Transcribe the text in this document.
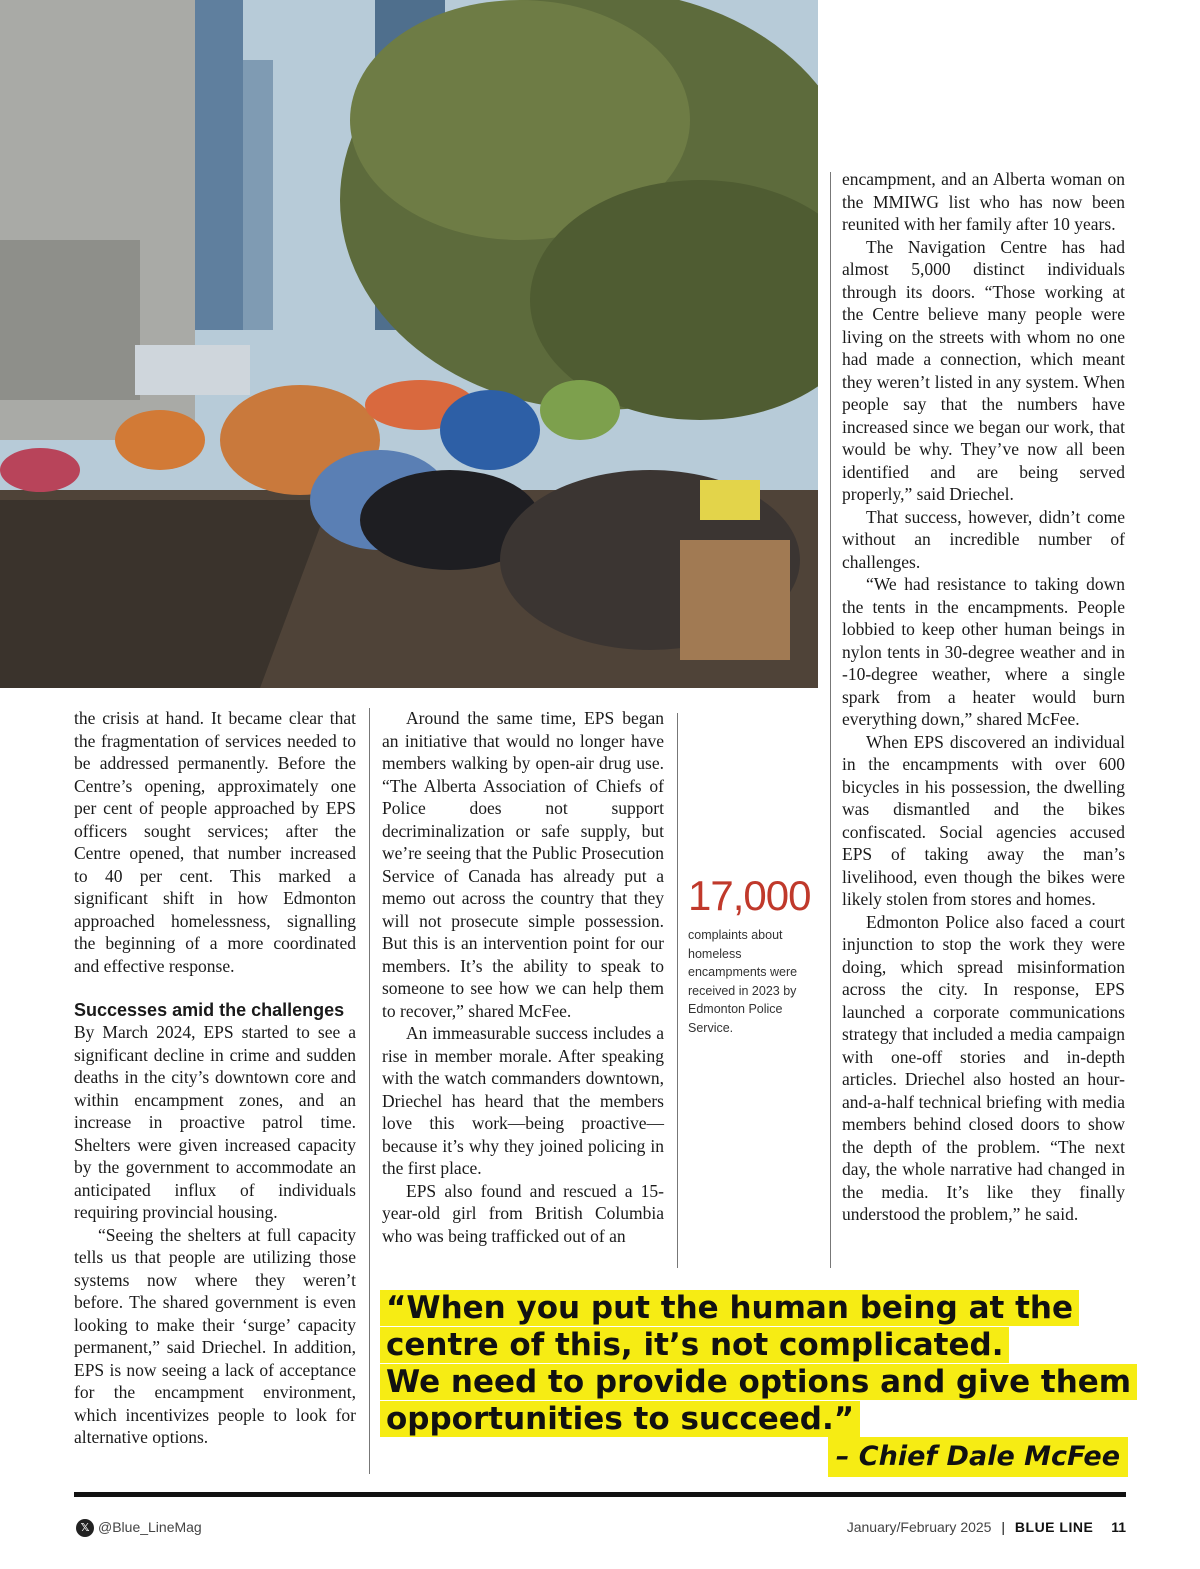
the crisis at hand. It became clear that the fragmentation of services needed to be addressed permanently. Before the Centre’s opening, approximately one per cent of people approached by EPS officers sought services; after the Centre opened, that number increased to 40 per cent. This marked a significant shift in how Edmonton approached homelessness, signalling the beginning of a more coordinated and effective response.

Successes amid the challenges

By March 2024, EPS started to see a significant decline in crime and sudden deaths in the city’s downtown core and within encampment zones, and an increase in proactive patrol time. Shelters were given increased capacity by the government to accommodate an anticipated influx of individuals requiring provincial housing.

“Seeing the shelters at full capacity tells us that people are utilizing those systems now where they weren’t before. The shared government is even looking to make their ‘surge’ capacity permanent,” said Driechel. In addition, EPS is now seeing a lack of acceptance for the encampment environment, which incentivizes people to look for alternative options.

Around the same time, EPS began an initiative that would no longer have members walking by open-air drug use. “The Alberta Association of Chiefs of Police does not support decriminalization or safe supply, but we’re seeing that the Public Prosecution Service of Canada has already put a memo out across the country that they will not prosecute simple possession. But this is an intervention point for our members. It’s the ability to speak to someone to see how we can help them to recover,” shared McFee.

An immeasurable success includes a rise in member morale. After speaking with the watch commanders downtown, Driechel has heard that the members love this work—being proactive—because it’s why they joined policing in the first place.

EPS also found and rescued a 15-year-old girl from British Columbia who was being trafficked out of an

17,000
complaints about homeless encampments were received in 2023 by Edmonton Police Service.

encampment, and an Alberta woman on the MMIWG list who has now been reunited with her family after 10 years.

The Navigation Centre has had almost 5,000 distinct individuals through its doors. “Those working at the Centre believe many people were living on the streets with whom no one had made a connection, which meant they weren’t listed in any system. When people say that the numbers have increased since we began our work, that would be why. They’ve now all been identified and are being served properly,” said Driechel.

That success, however, didn’t come without an incredible number of challenges.

“We had resistance to taking down the tents in the encampments. People lobbied to keep other human beings in nylon tents in 30-degree weather and in -10-degree weather, where a single spark from a heater would burn everything down,” shared McFee.

When EPS discovered an individual in the encampments with over 600 bicycles in his possession, the dwelling was dismantled and the bikes confiscated. Social agencies accused EPS of taking away the man’s livelihood, even though the bikes were likely stolen from stores and homes.

Edmonton Police also faced a court injunction to stop the work they were doing, which spread misinformation across the city. In response, EPS launched a corporate communications strategy that included a media campaign with one-off stories and in-depth articles. Driechel also hosted an hour-and-a-half technical briefing with media members behind closed doors to show the depth of the problem. “The next day, the whole narrative had changed in the media. It’s like they finally understood the problem,” he said.

“When you put the human being at the
centre of this, it’s not complicated.
We need to provide options and give them
opportunities to succeed.”
– Chief Dale McFee
𝕏 @Blue_LineMag	January/February 2025 | BLUE LINE 11
